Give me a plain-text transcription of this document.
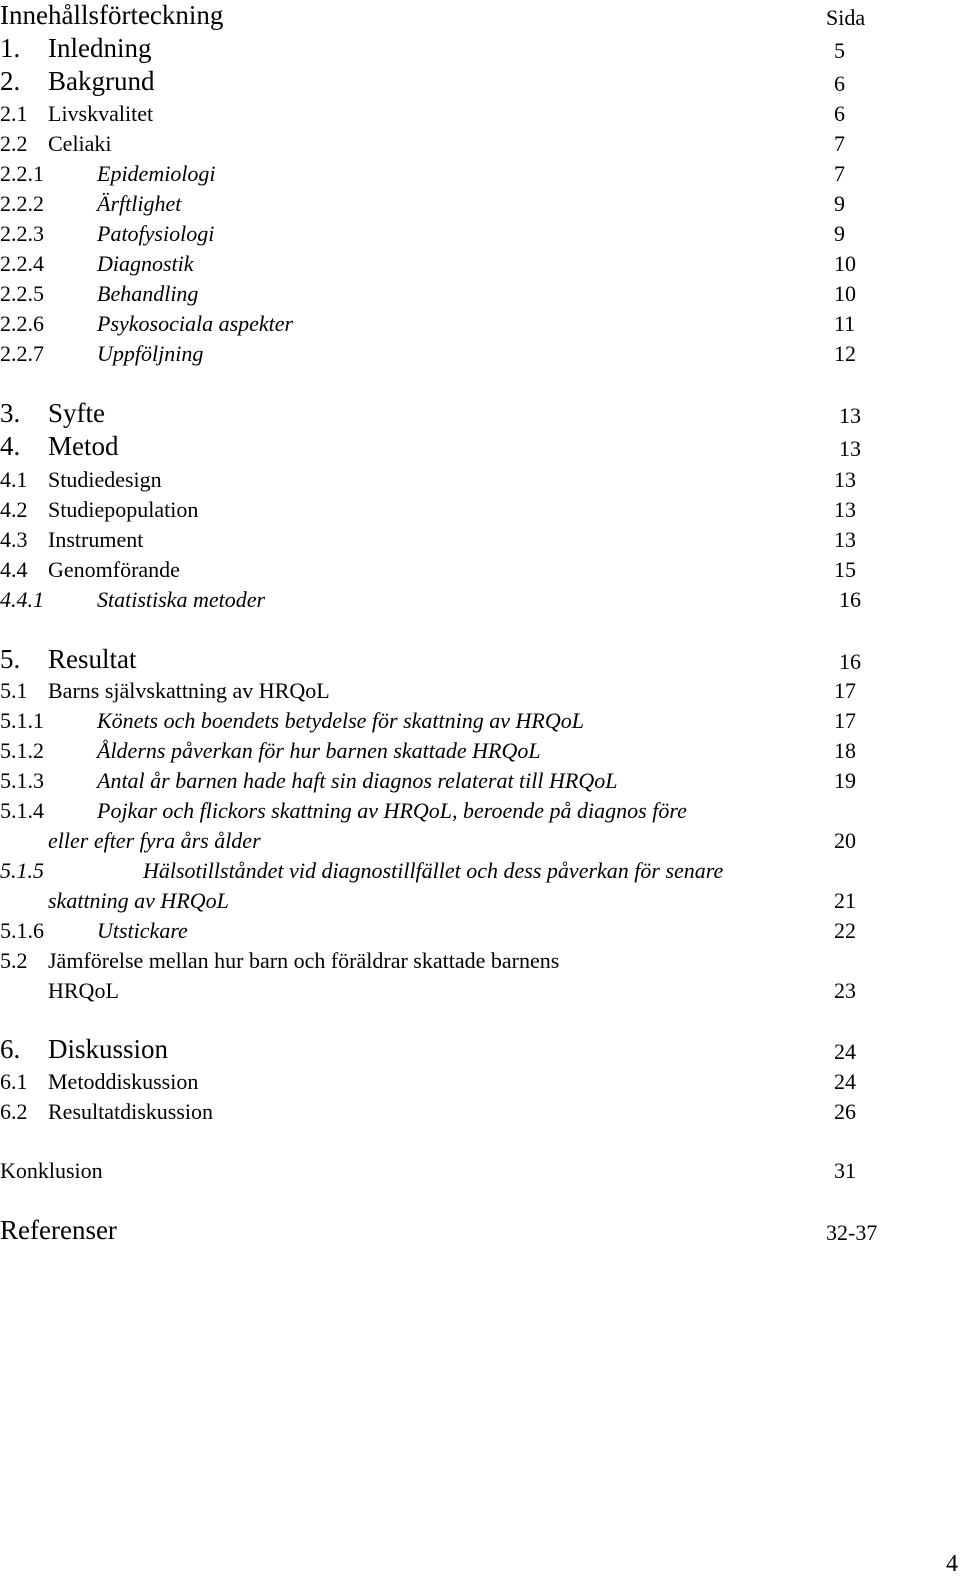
Innehållsförteckning	Sida
1. Inledning	5
2. Bakgrund	6
2.1 Livskvalitet	6
2.2 Celiaki	7
2.2.1 Epidemiologi	7
2.2.2 Ärftlighet	9
2.2.3 Patofysiologi	9
2.2.4 Diagnostik	10
2.2.5 Behandling	10
2.2.6 Psykosociala aspekter	11
2.2.7 Uppföljning	12
3. Syfte	13
4. Metod	13
4.1 Studiedesign	13
4.2 Studiepopulation	13
4.3 Instrument	13
4.4 Genomförande	15
4.4.1 Statistiska metoder	16
5. Resultat	16
5.1 Barns självskattning av HRQoL	17
5.1.1 Könets och boendets betydelse för skattning av HRQoL	17
5.1.2 Ålderns påverkan för hur barnen skattade HRQoL	18
5.1.3 Antal år barnen hade haft sin diagnos relaterat till HRQoL	19
5.1.4 Pojkar och flickors skattning av HRQoL, beroende på diagnos före
eller efter fyra års ålder	20
5.1.5	Hälsotillståndet vid diagnostillfället och dess påverkan för senare
skattning av HRQoL	21
5.1.6 Utstickare	22
5.2 Jämförelse mellan hur barn och föräldrar skattade barnens
HRQoL	23
6. Diskussion	24
6.1 Metoddiskussion	24
6.2 Resultatdiskussion	26
Konklusion	31
Referenser	32-37
4
